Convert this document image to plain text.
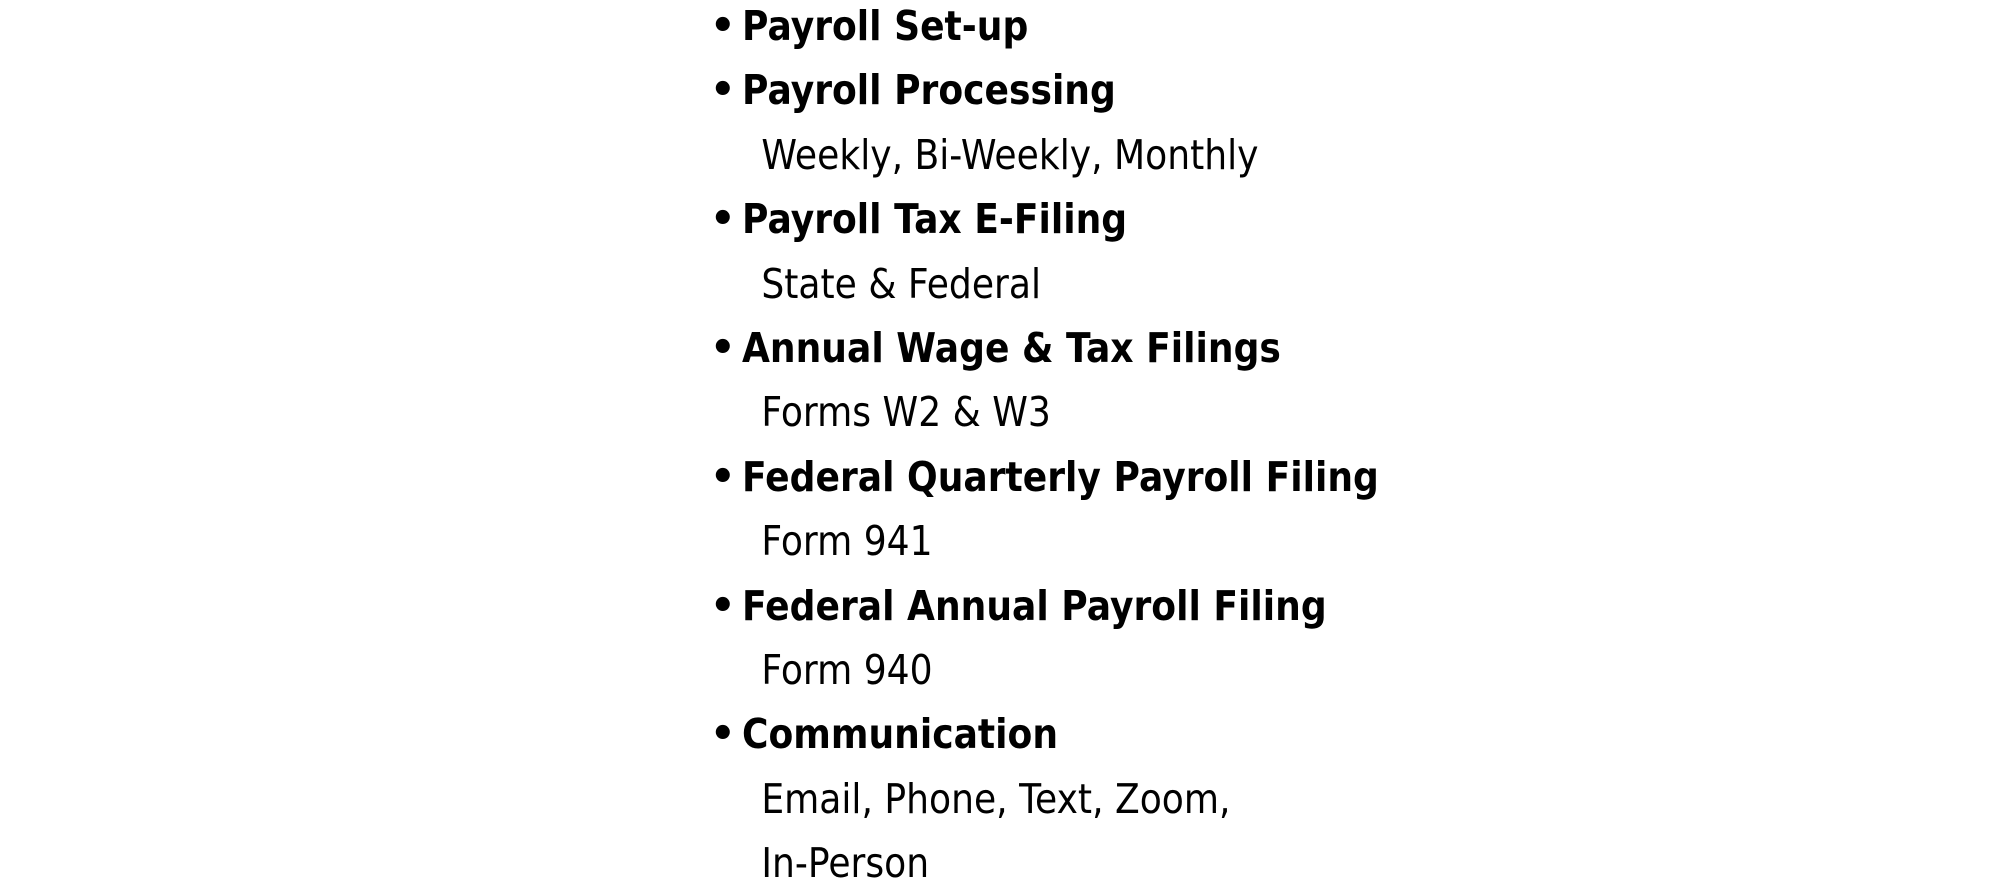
• Payroll Set-up
• Payroll Processing
Weekly, Bi-Weekly, Monthly
• Payroll Tax E-Filing
State & Federal
• Annual Wage & Tax Filings
Forms W2 & W3
• Federal Quarterly Payroll Filing
Form 941
• Federal Annual Payroll Filing
Form 940
• Communication
Email, Phone, Text, Zoom,
In-Person
